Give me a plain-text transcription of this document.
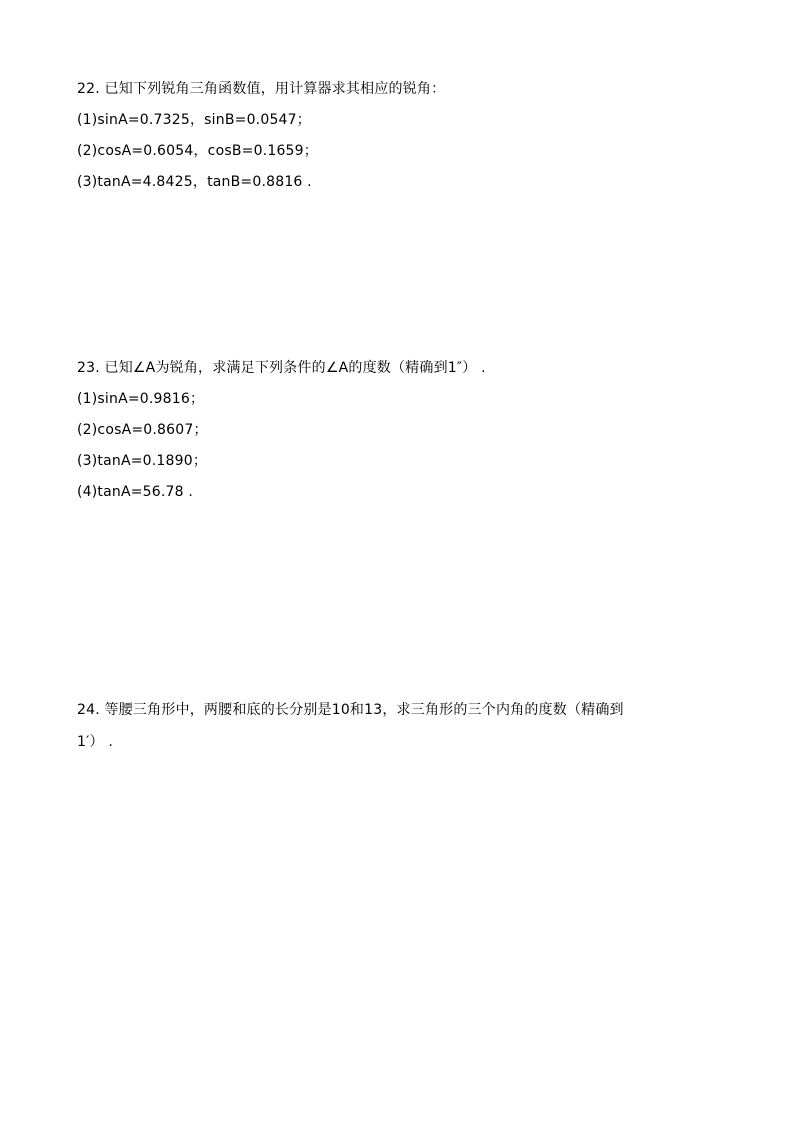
22. 已知下列锐角三角函数值，用计算器求其相应的锐角：

(1)sinA=0.7325，sinB=0.0547；

(2)cosA=0.6054，cosB=0.1659；

(3)tanA=4.8425，tanB=0.8816 .

23. 已知∠A为锐角，求满足下列条件的∠A的度数（精确到1″） .

(1)sinA=0.9816；

(2)cosA=0.8607；

(3)tanA=0.1890；

(4)tanA=56.78 .

24. 等腰三角形中，两腰和底的长分别是10和13，求三角形的三个内角的度数（精确到

1′） .
